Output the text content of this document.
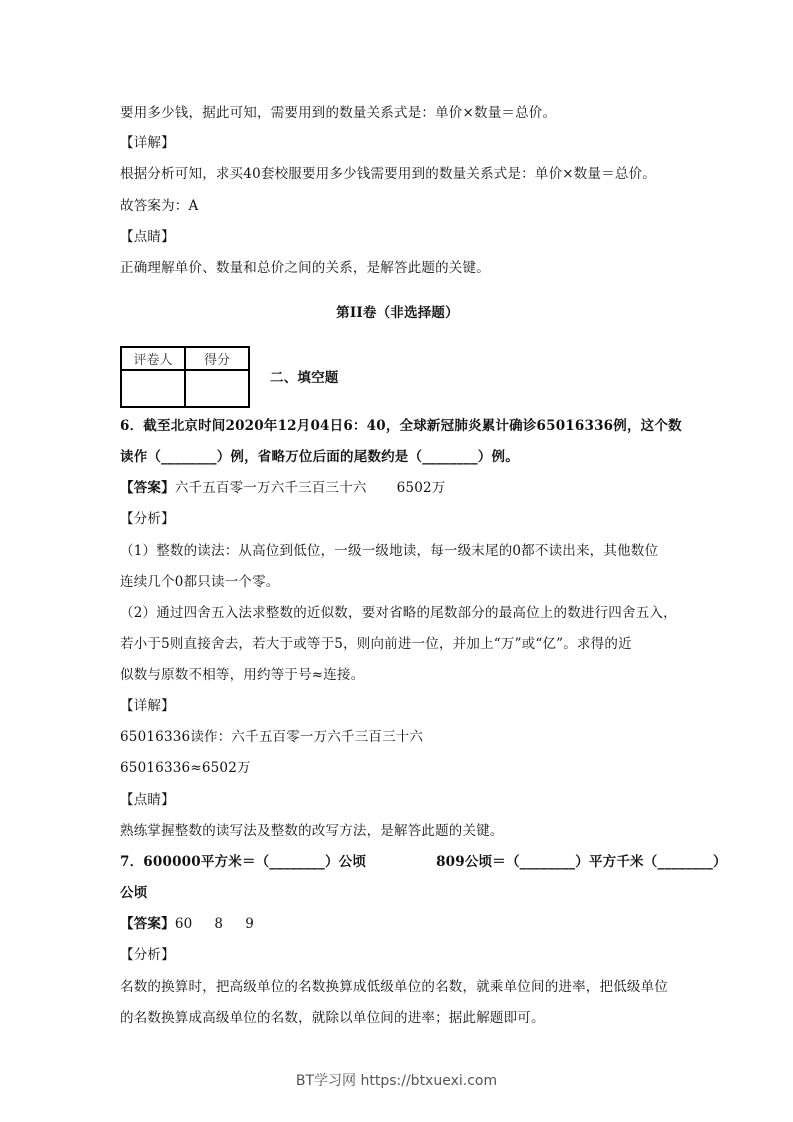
要用多少钱，据此可知，需要用到的数量关系式是：单价×数量＝总价。
【详解】
根据分析可知，求买40套校服要用多少钱需要用到的数量关系式是：单价×数量＝总价。
故答案为：A
【点睛】
正确理解单价、数量和总价之间的关系，是解答此题的关键。
第II卷（非选择题）
评卷人	得分

二、填空题
6．截至北京时间2020年12月04日6：40，全球新冠肺炎累计确诊65016336例，这个数
读作（________）例，省略万位后面的尾数约是（________）例。
【答案】六千五百零一万六千三百三十六 6502万
【分析】
（1）整数的读法：从高位到低位，一级一级地读，每一级末尾的0都不读出来，其他数位
连续几个0都只读一个零。
（2）通过四舍五入法求整数的近似数，要对省略的尾数部分的最高位上的数进行四舍五入，
若小于5则直接舍去，若大于或等于5，则向前进一位，并加上“万”或“亿”。求得的近
似数与原数不相等，用约等于号≈连接。
【详解】
65016336读作：六千五百零一万六千三百三十六
65016336≈6502万
【点睛】
熟练掌握整数的读写法及整数的改写方法，是解答此题的关键。
7．600000平方米＝（________）公顷	809公顷＝（________）平方千米（________）
公顷
【答案】60 8 9
【分析】
名数的换算时，把高级单位的名数换算成低级单位的名数，就乘单位间的进率，把低级单位
的名数换算成高级单位的名数，就除以单位间的进率；据此解题即可。
BT学习网 https://btxuexi.com
